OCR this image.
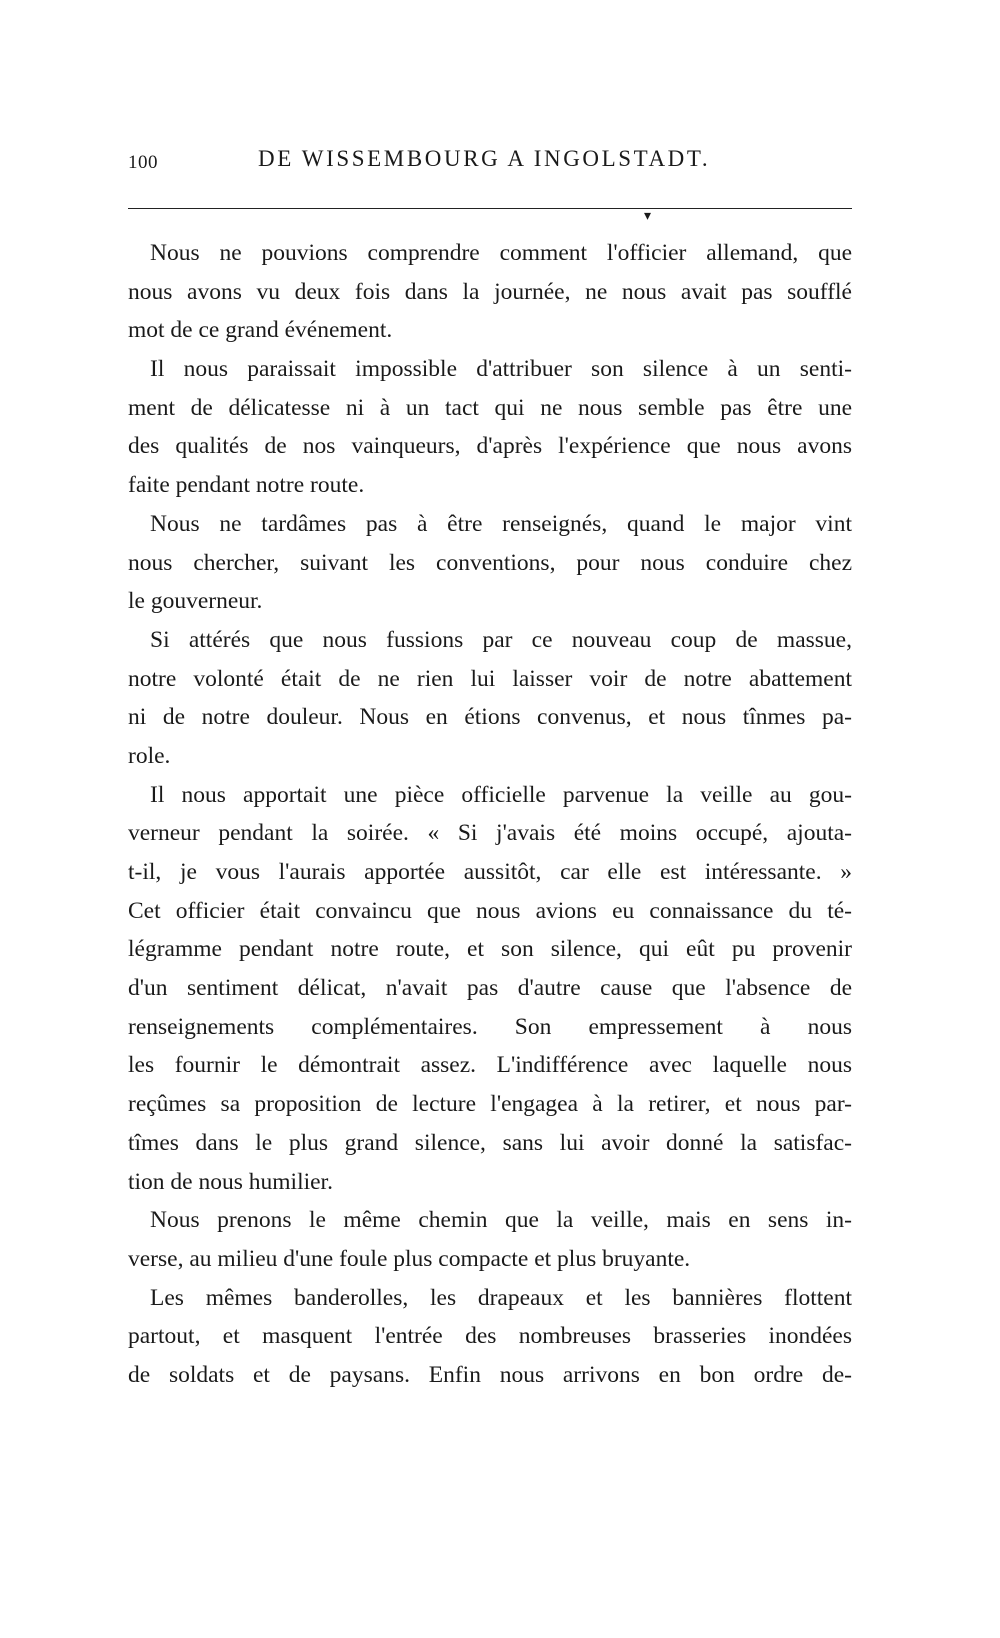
100	DE WISSEMBOURG A INGOLSTADT.
▾

Nous ne pouvions comprendre comment l'officier allemand, que
nous avons vu deux fois dans la journée, ne nous avait pas soufflé
mot de ce grand événement.

Il nous paraissait impossible d'attribuer son silence à un senti-
ment de délicatesse ni à un tact qui ne nous semble pas être une
des qualités de nos vainqueurs, d'après l'expérience que nous avons
faite pendant notre route.

Nous ne tardâmes pas à être renseignés, quand le major vint
nous chercher, suivant les conventions, pour nous conduire chez
le gouverneur.

Si attérés que nous fussions par ce nouveau coup de massue,
notre volonté était de ne rien lui laisser voir de notre abattement
ni de notre douleur. Nous en étions convenus, et nous tînmes pa-
role.

Il nous apportait une pièce officielle parvenue la veille au gou-
verneur pendant la soirée. « Si j'avais été moins occupé, ajouta-
t-il, je vous l'aurais apportée aussitôt, car elle est intéressante. »
Cet officier était convaincu que nous avions eu connaissance du té-
légramme pendant notre route, et son silence, qui eût pu provenir
d'un sentiment délicat, n'avait pas d'autre cause que l'absence de
renseignements complémentaires. Son empressement à nous
les fournir le démontrait assez. L'indifférence avec laquelle nous
reçûmes sa proposition de lecture l'engagea à la retirer, et nous par-
tîmes dans le plus grand silence, sans lui avoir donné la satisfac-
tion de nous humilier.

Nous prenons le même chemin que la veille, mais en sens in-
verse, au milieu d'une foule plus compacte et plus bruyante.

Les mêmes banderolles, les drapeaux et les bannières flottent
partout, et masquent l'entrée des nombreuses brasseries inondées
de soldats et de paysans. Enfin nous arrivons en bon ordre de-
